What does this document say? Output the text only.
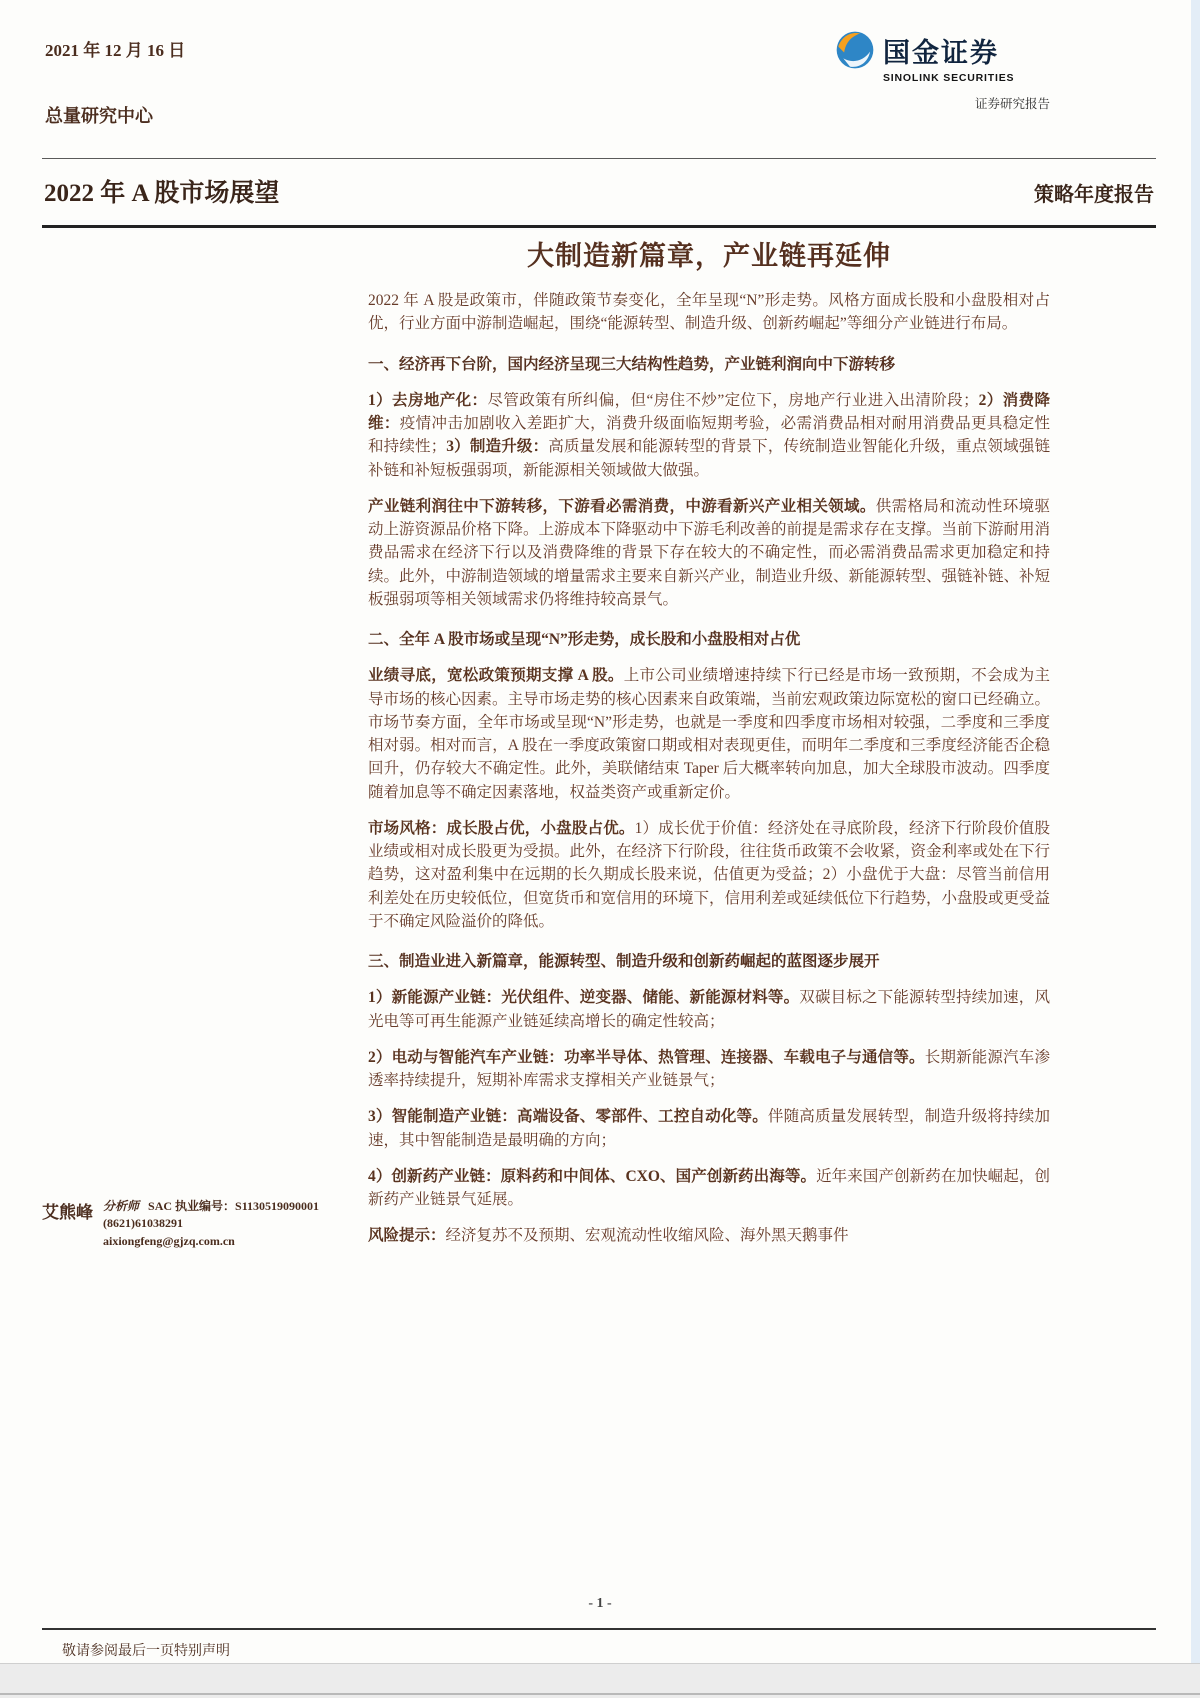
2021 年 12 月 16 日	国金证券
SINOLINK SECURITIES
证券研究报告
总量研究中心
2022 年 A 股市场展望	策略年度报告
大制造新篇章，产业链再延伸

2022 年 A 股是政策市，伴随政策节奏变化，全年呈现“N”形走势。风格方面成长股和小盘股相对占优，行业方面中游制造崛起，围绕“能源转型、制造升级、创新药崛起”等细分产业链进行布局。

一、经济再下台阶，国内经济呈现三大结构性趋势，产业链利润向中下游转移

1）去房地产化：尽管政策有所纠偏，但“房住不炒”定位下，房地产行业进入出清阶段；2）消费降维：疫情冲击加剧收入差距扩大，消费升级面临短期考验，必需消费品相对耐用消费品更具稳定性和持续性；3）制造升级：高质量发展和能源转型的背景下，传统制造业智能化升级，重点领域强链补链和补短板强弱项，新能源相关领域做大做强。

产业链利润往中下游转移，下游看必需消费，中游看新兴产业相关领域。供需格局和流动性环境驱动上游资源品价格下降。上游成本下降驱动中下游毛利改善的前提是需求存在支撑。当前下游耐用消费品需求在经济下行以及消费降维的背景下存在较大的不确定性，而必需消费品需求更加稳定和持续。此外，中游制造领域的增量需求主要来自新兴产业，制造业升级、新能源转型、强链补链、补短板强弱项等相关领域需求仍将维持较高景气。

二、全年 A 股市场或呈现“N”形走势，成长股和小盘股相对占优

业绩寻底，宽松政策预期支撑 A 股。上市公司业绩增速持续下行已经是市场一致预期，不会成为主导市场的核心因素。主导市场走势的核心因素来自政策端，当前宏观政策边际宽松的窗口已经确立。市场节奏方面，全年市场或呈现“N”形走势，也就是一季度和四季度市场相对较强，二季度和三季度相对弱。相对而言，A 股在一季度政策窗口期或相对表现更佳，而明年二季度和三季度经济能否企稳回升，仍存较大不确定性。此外，美联储结束 Taper 后大概率转向加息，加大全球股市波动。四季度随着加息等不确定因素落地，权益类资产或重新定价。

市场风格：成长股占优，小盘股占优。1）成长优于价值：经济处在寻底阶段，经济下行阶段价值股业绩或相对成长股更为受损。此外，在经济下行阶段，往往货币政策不会收紧，资金利率或处在下行趋势，这对盈利集中在远期的长久期成长股来说，估值更为受益；2）小盘优于大盘：尽管当前信用利差处在历史较低位，但宽货币和宽信用的环境下，信用利差或延续低位下行趋势，小盘股或更受益于不确定风险溢价的降低。

三、制造业进入新篇章，能源转型、制造升级和创新药崛起的蓝图逐步展开

1）新能源产业链：光伏组件、逆变器、储能、新能源材料等。双碳目标之下能源转型持续加速，风光电等可再生能源产业链延续高增长的确定性较高；

2）电动与智能汽车产业链：功率半导体、热管理、连接器、车载电子与通信等。长期新能源汽车渗透率持续提升，短期补库需求支撑相关产业链景气；

3）智能制造产业链：高端设备、零部件、工控自动化等。伴随高质量发展转型，制造升级将持续加速，其中智能制造是最明确的方向；

4）创新药产业链：原料药和中间体、CXO、国产创新药出海等。近年来国产创新药在加快崛起，创新药产业链景气延展。

风险提示：经济复苏不及预期、宏观流动性收缩风险、海外黑天鹅事件

艾熊峰 分析师 SAC 执业编号：S1130519090001
(8621)61038291
aixiongfeng@gjzq.com.cn
- 1 -
敬请参阅最后一页特别声明
